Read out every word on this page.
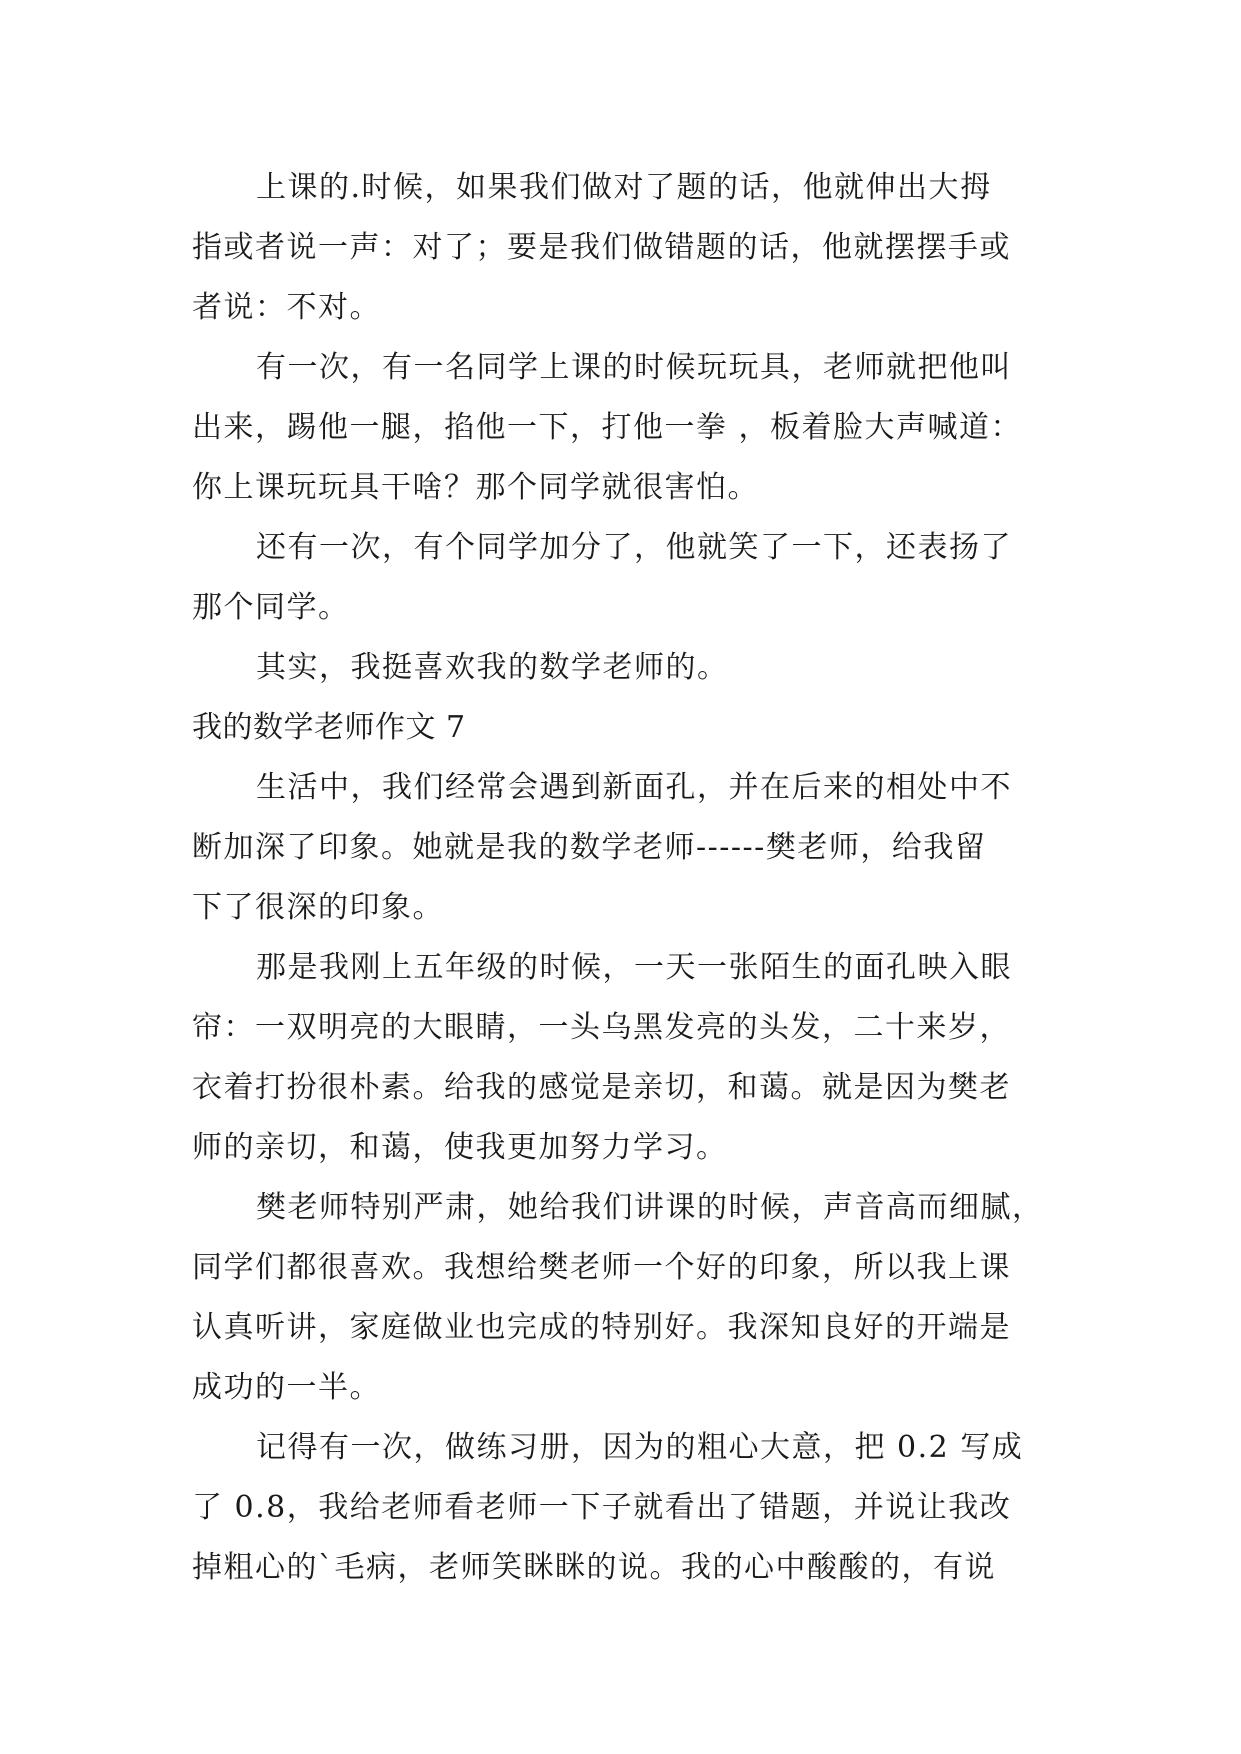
上课的.时候，如果我们做对了题的话，他就伸出大拇
指或者说一声：对了；要是我们做错题的话，他就摆摆手或
者说：不对。

有一次，有一名同学上课的时候玩玩具，老师就把他叫
出来，踢他一腿，掐他一下，打他一拳 ，板着脸大声喊道：
你上课玩玩具干啥？那个同学就很害怕。

还有一次，有个同学加分了，他就笑了一下，还表扬了
那个同学。

其实，我挺喜欢我的数学老师的。

我的数学老师作文 7

生活中，我们经常会遇到新面孔，并在后来的相处中不
断加深了印象。她就是我的数学老师------樊老师，给我留
下了很深的印象。

那是我刚上五年级的时候，一天一张陌生的面孔映入眼
帘：一双明亮的大眼睛，一头乌黑发亮的头发，二十来岁，
衣着打扮很朴素。给我的感觉是亲切，和蔼。就是因为樊老
师的亲切，和蔼，使我更加努力学习。

樊老师特别严肃，她给我们讲课的时候，声音高而细腻，
同学们都很喜欢。我想给樊老师一个好的印象，所以我上课
认真听讲，家庭做业也完成的特别好。我深知良好的开端是
成功的一半。

记得有一次，做练习册，因为的粗心大意，把 0.2 写成
了 0.8，我给老师看老师一下子就看出了错题，并说让我改
掉粗心的`毛病，老师笑眯眯的说。我的心中酸酸的，有说
